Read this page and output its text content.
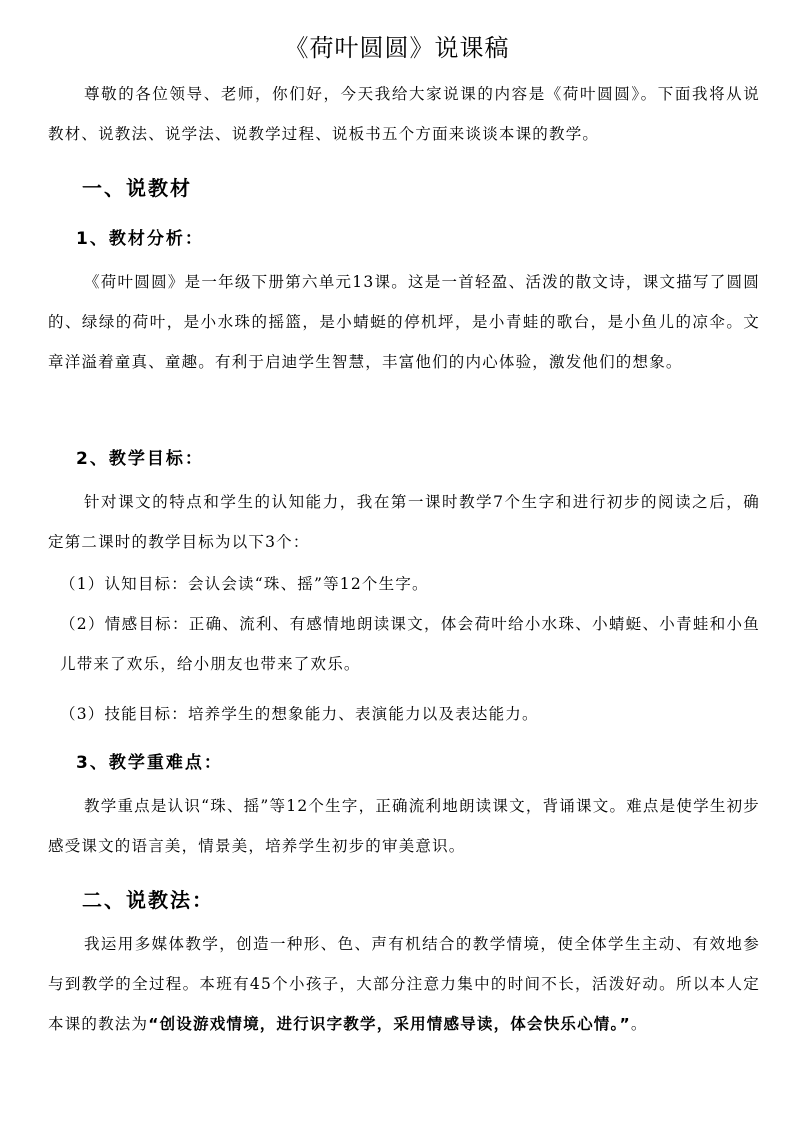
《荷叶圆圆》说课稿
尊敬的各位领导、老师，你们好，今天我给大家说课的内容是《荷叶圆圆》。下面我将从说教材、说教法、说学法、说教学过程、说板书五个方面来谈谈本课的教学。
一、说教材
1、教材分析：
《荷叶圆圆》是一年级下册第六单元13课。这是一首轻盈、活泼的散文诗，课文描写了圆圆的、绿绿的荷叶，是小水珠的摇篮，是小蜻蜓的停机坪，是小青蛙的歌台，是小鱼儿的凉伞。文章洋溢着童真、童趣。有利于启迪学生智慧，丰富他们的内心体验，激发他们的想象。
2、教学目标：
针对课文的特点和学生的认知能力，我在第一课时教学7个生字和进行初步的阅读之后，确定第二课时的教学目标为以下3个：
（1）认知目标：会认会读“珠、摇”等12个生字。
（2）情感目标：正确、流利、有感情地朗读课文，体会荷叶给小水珠、小蜻蜓、小青蛙和小鱼儿带来了欢乐，给小朋友也带来了欢乐。
（3）技能目标：培养学生的想象能力、表演能力以及表达能力。
3、教学重难点：
教学重点是认识“珠、摇”等12个生字，正确流利地朗读课文，背诵课文。难点是使学生初步感受课文的语言美，情景美，培养学生初步的审美意识。
二、说教法：
我运用多媒体教学，创造一种形、色、声有机结合的教学情境，使全体学生主动、有效地参与到教学的全过程。本班有45个小孩子，大部分注意力集中的时间不长，活泼好动。所以本人定本课的教法为“创设游戏情境，进行识字教学，采用情感导读，体会快乐心情。”。
